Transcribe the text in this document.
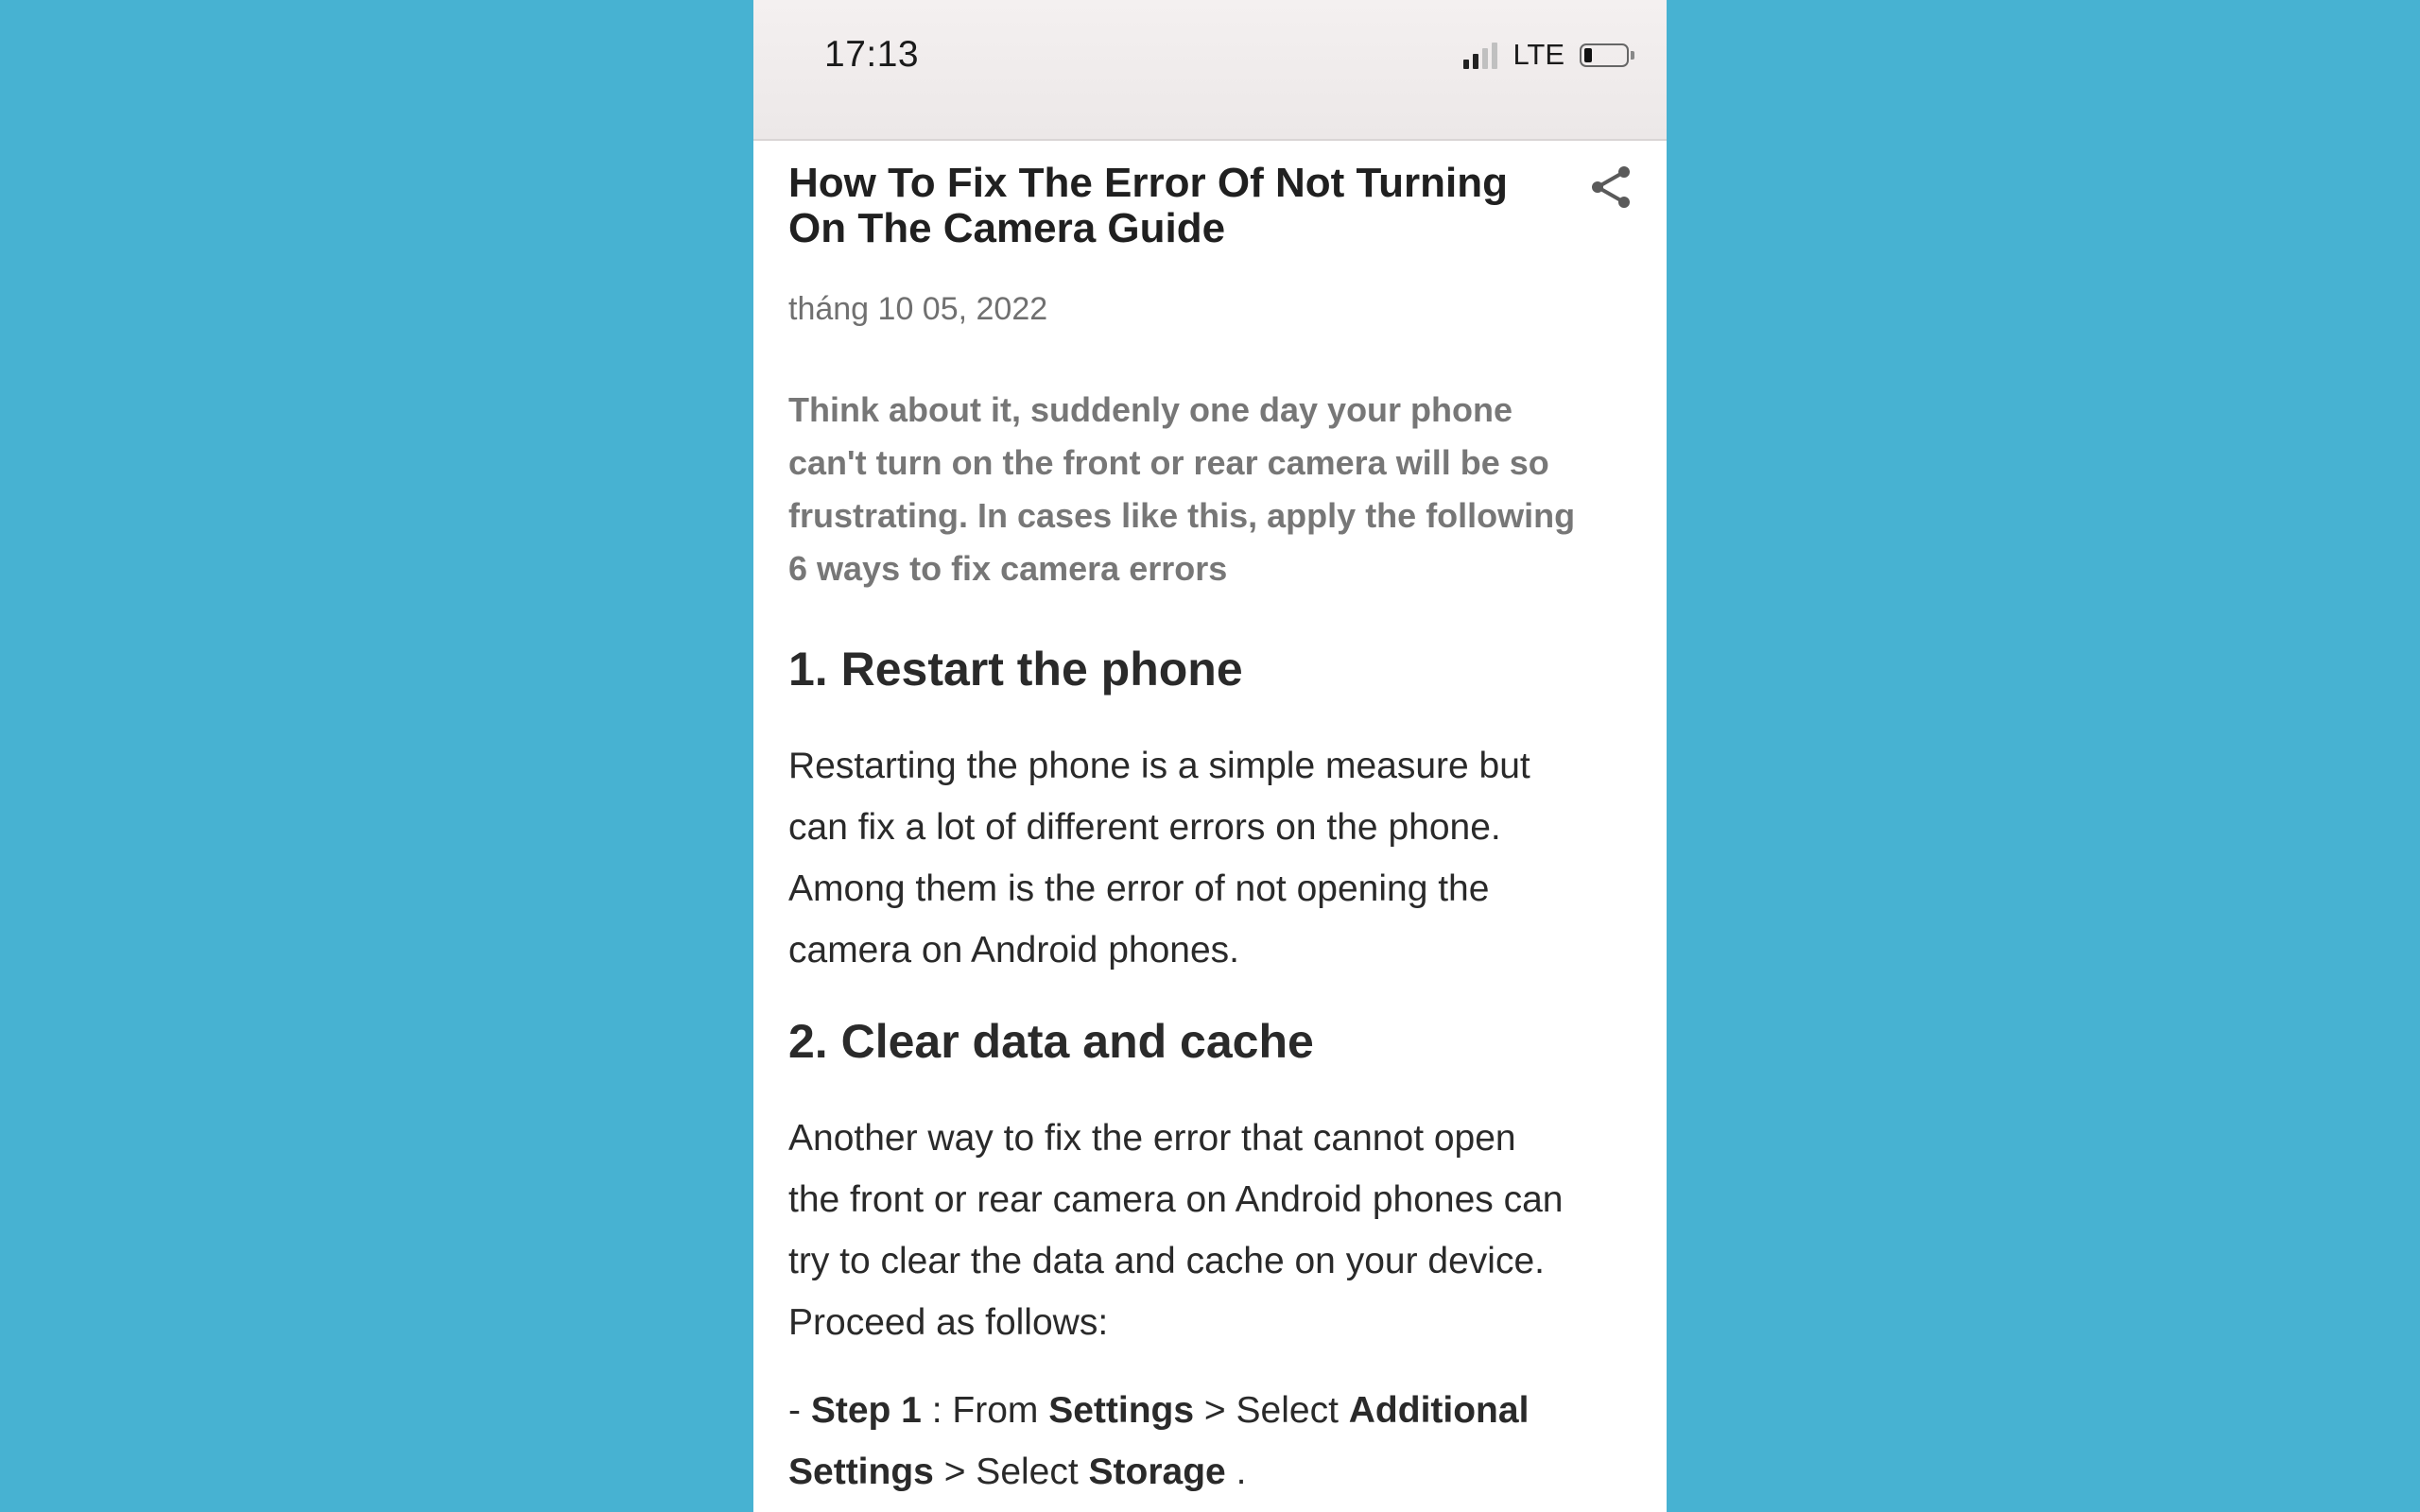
17:13	LTE
How To Fix The Error Of Not Turning On The Camera Guide
tháng 10 05, 2022

Think about it, suddenly one day your phone
can't turn on the front or rear camera will be so
frustrating. In cases like this, apply the following
6 ways to fix camera errors

1. Restart the phone

Restarting the phone is a simple measure but
can fix a lot of different errors on the phone.
Among them is the error of not opening the
camera on Android phones.

2. Clear data and cache

Another way to fix the error that cannot open
the front or rear camera on Android phones can
try to clear the data and cache on your device.
Proceed as follows:

- Step 1 : From Settings > Select Additional Settings > Select Storage .
